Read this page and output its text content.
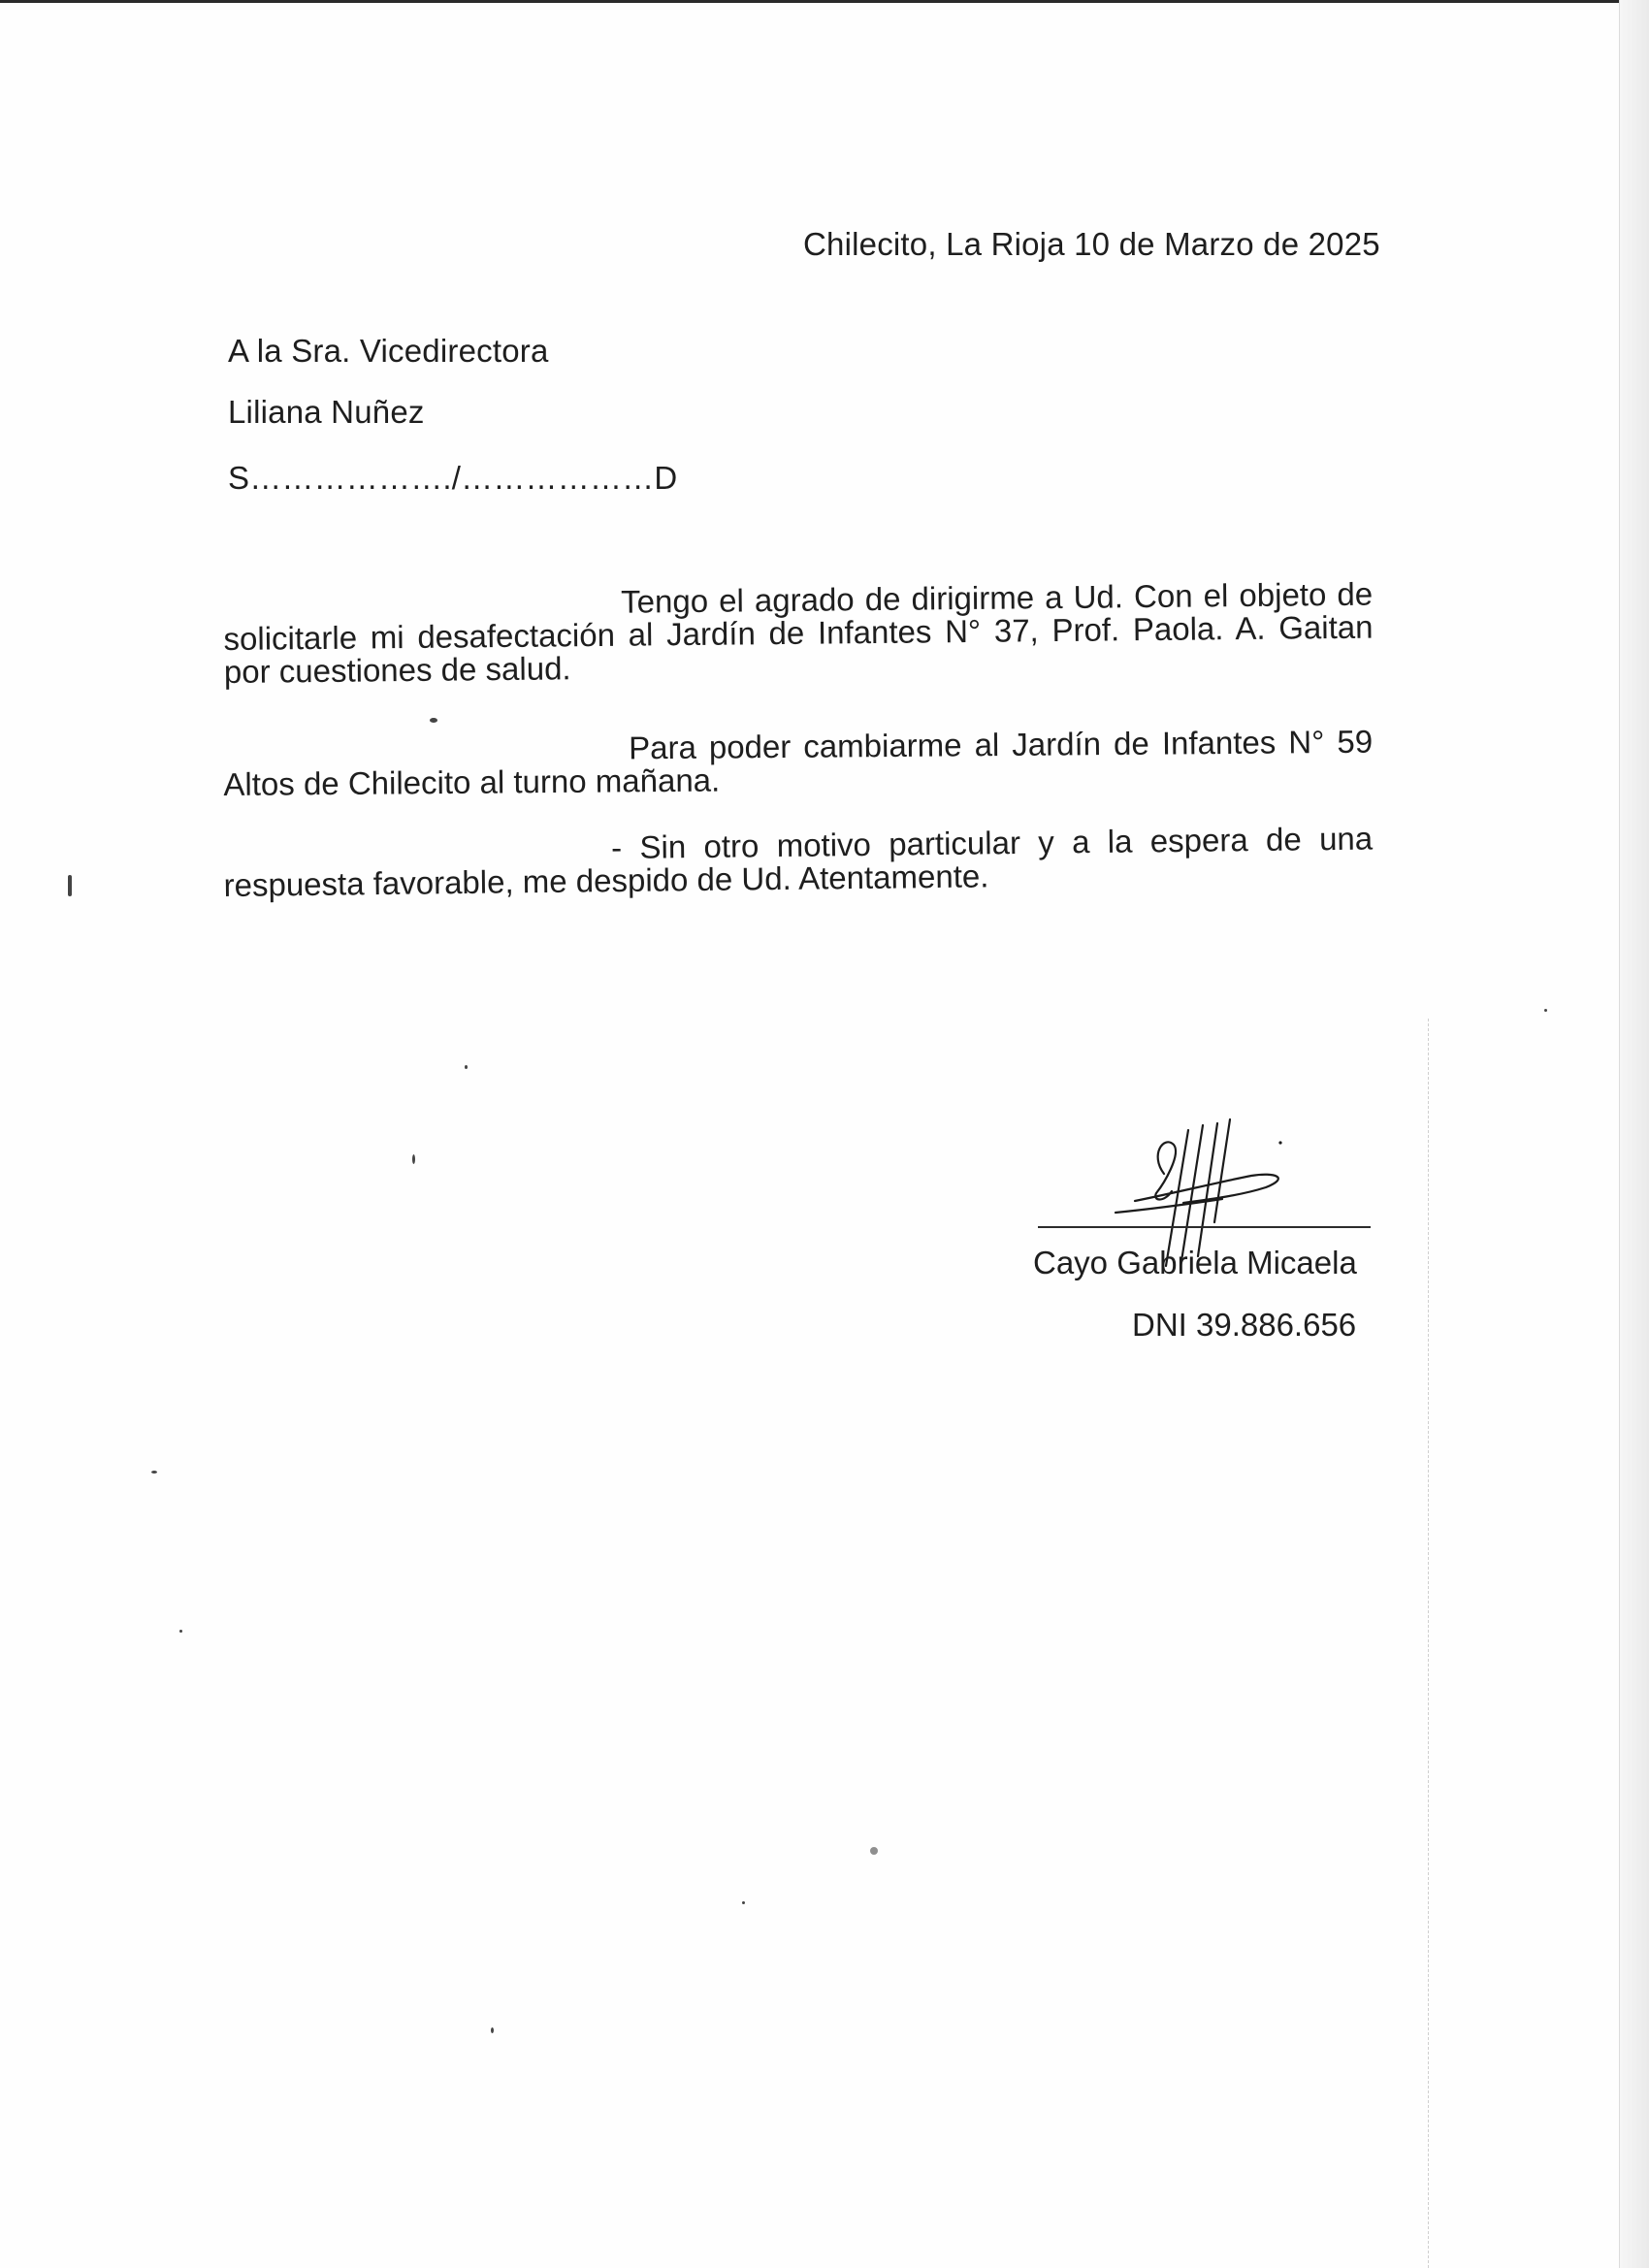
Chilecito, La Rioja 10 de Marzo de 2025
A la Sra. Vicedirectora
Liliana Nuñez
S………………./………………D
Tengo el agrado de dirigirme a Ud. Con el objeto de solicitarle mi desafectación al Jardín de Infantes N° 37, Prof. Paola. A. Gaitan por cuestiones de salud.
Para poder cambiarme al Jardín de Infantes N° 59 Altos de Chilecito al turno mañana.
- Sin otro motivo particular y a la espera de una respuesta favorable, me despido de Ud. Atentamente.
Cayo Gabriela Micaela
DNI 39.886.656
